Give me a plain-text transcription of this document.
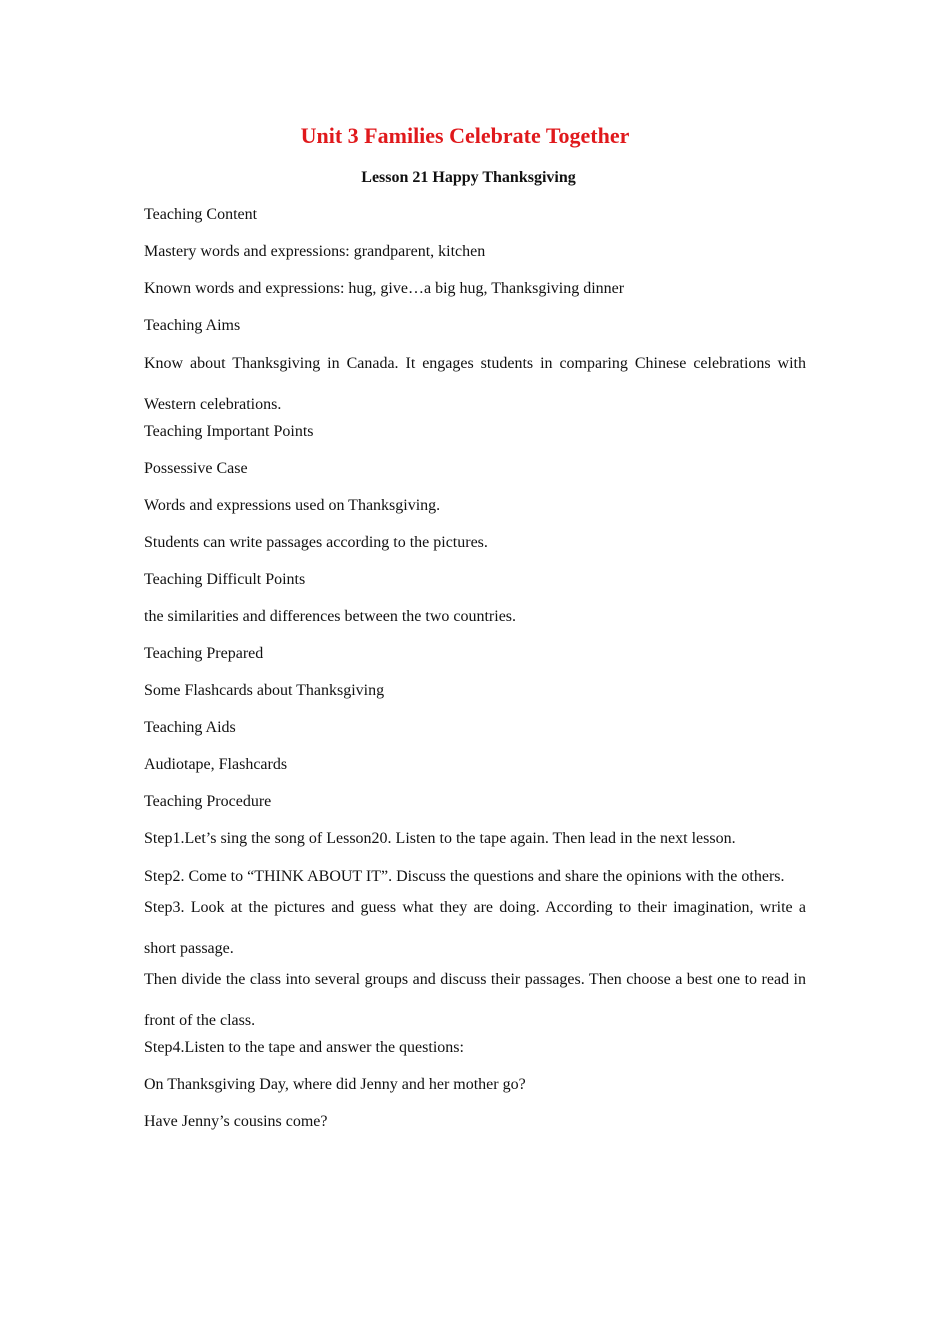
Unit 3 Families Celebrate Together
Lesson 21 Happy Thanksgiving
Teaching Content
Mastery words and expressions: grandparent, kitchen
Known words and expressions: hug, give…a big hug, Thanksgiving dinner
Teaching Aims
Know about Thanksgiving in Canada. It engages students in comparing Chinese celebrations with Western celebrations.
Teaching Important Points
Possessive Case
Words and expressions used on Thanksgiving.
Students can write passages according to the pictures.
Teaching Difficult Points
the similarities and differences between the two countries.
Teaching Prepared
Some Flashcards about Thanksgiving
Teaching Aids
Audiotape, Flashcards
Teaching Procedure
Step1.Let’s sing the song of Lesson20. Listen to the tape again. Then lead in the next lesson.
Step2. Come to “THINK ABOUT IT”. Discuss the questions and share the opinions with the others.
Step3. Look at the pictures and guess what they are doing. According to their imagination, write a short passage.
Then divide the class into several groups and discuss their passages. Then choose a best one to read in front of the class.
Step4.Listen to the tape and answer the questions:
On Thanksgiving Day, where did Jenny and her mother go?
Have Jenny’s cousins come?
